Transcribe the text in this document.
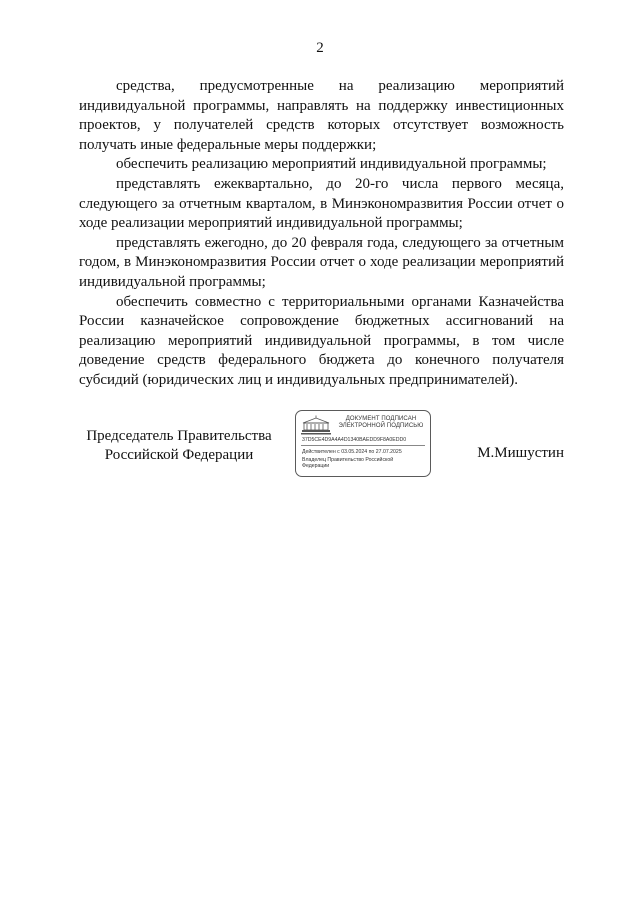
2

средства, предусмотренные на реализацию мероприятий индивидуальной программы, направлять на поддержку инвестиционных проектов, у получателей средств которых отсутствует возможность получать иные федеральные меры поддержки;

обеспечить реализацию мероприятий индивидуальной программы;

представлять ежеквартально, до 20-го числа первого месяца, следующего за отчетным кварталом, в Минэкономразвития России отчет о ходе реализации мероприятий индивидуальной программы;

представлять ежегодно, до 20 февраля года, следующего за отчетным годом, в Минэкономразвития России отчет о ходе реализации мероприятий индивидуальной программы;

обеспечить совместно с территориальными органами Казначейства России казначейское сопровождение бюджетных ассигнований на реализацию мероприятий индивидуальной программы, в том числе доведение средств федерального бюджета до конечного получателя субсидий (юридических лиц и индивидуальных предпринимателей).

Председатель Правительства
Российской Федерации
ДОКУМЕНТ ПОДПИСАН
ЭЛЕКТРОННОЙ ПОДПИСЬЮ
37D5CE4D9A4A4D1340BAEDD9F8A0EDD0
Действителен с 03.05.2024 по 27.07.2025
Владелец Правительство Российской
Федерации
М.Мишустин
